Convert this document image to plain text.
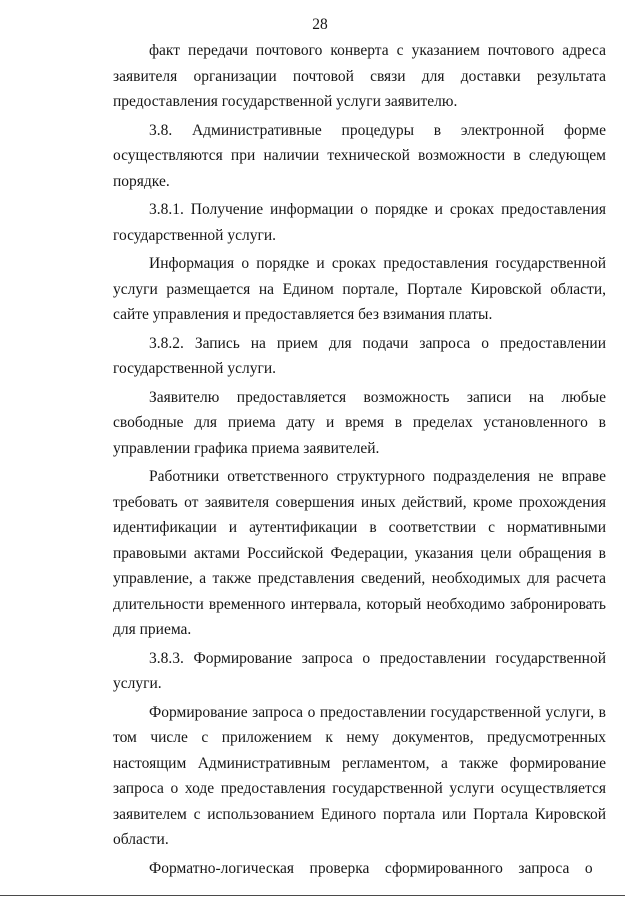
28

факт передачи почтового конверта с указанием почтового адреса заявителя организации почтовой связи для доставки результата предоставления государственной услуги заявителю.

3.8. Административные процедуры в электронной форме осуществляются при наличии технической возможности в следующем порядке.

3.8.1. Получение информации о порядке и сроках предоставления государственной услуги.

Информация о порядке и сроках предоставления государственной услуги размещается на Едином портале, Портале Кировской области, сайте управления и предоставляется без взимания платы.

3.8.2. Запись на прием для подачи запроса о предоставлении государственной услуги.

Заявителю предоставляется возможность записи на любые свободные для приема дату и время в пределах установленного в управлении графика приема заявителей.

Работники ответственного структурного подразделения не вправе требовать от заявителя совершения иных действий, кроме прохождения идентификации и аутентификации в соответствии с нормативными правовыми актами Российской Федерации, указания цели обращения в управление, а также представления сведений, необходимых для расчета длительности временного интервала, который необходимо забронировать для приема.

3.8.3. Формирование запроса о предоставлении государственной услуги.

Формирование запроса о предоставлении государственной услуги, в том числе с приложением к нему документов, предусмотренных настоящим Административным регламентом, а также формирование запроса о ходе предоставления государственной услуги осуществляется заявителем с использованием Единого портала или Портала Кировской области.

Форматно-логическая    проверка    сформированного    запроса    о
